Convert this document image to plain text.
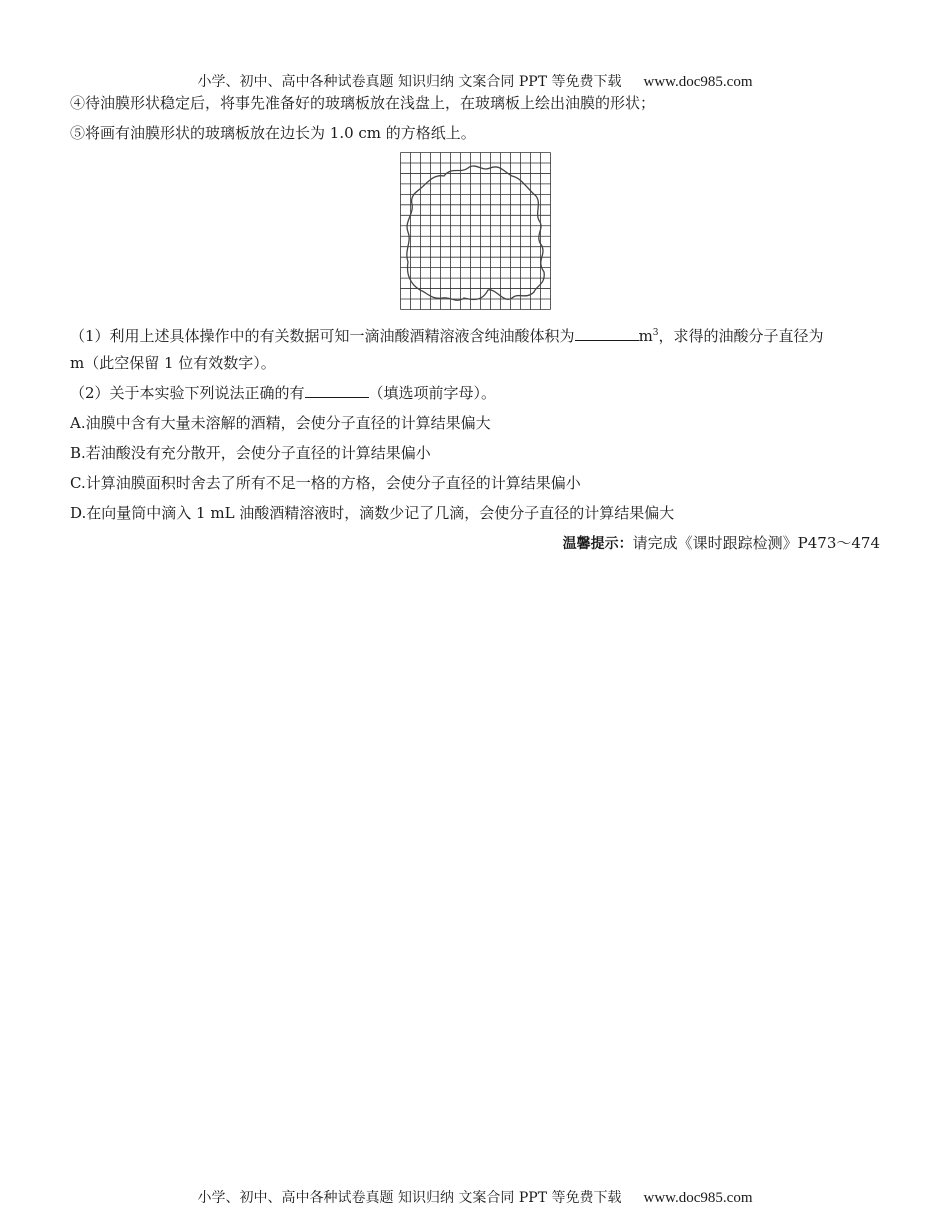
小学、初中、高中各种试卷真题 知识归纳 文案合同 PPT 等免费下载 www.doc985.com
④待油膜形状稳定后，将事先准备好的玻璃板放在浅盘上，在玻璃板上绘出油膜的形状；
⑤将画有油膜形状的玻璃板放在边长为 1.0 cm 的方格纸上。
（1）利用上述具体操作中的有关数据可知一滴油酸酒精溶液含纯油酸体积为	$m^3$，求得的油酸分子直径为
m（此空保留 1 位有效数字）。
（2）关于本实验下列说法正确的有	（填选项前字母）。
A.油膜中含有大量未溶解的酒精，会使分子直径的计算结果偏大
B.若油酸没有充分散开，会使分子直径的计算结果偏小
C.计算油膜面积时舍去了所有不足一格的方格，会使分子直径的计算结果偏小
D.在向量筒中滴入 1 mL 油酸酒精溶液时，滴数少记了几滴，会使分子直径的计算结果偏大
温馨提示：请完成《课时跟踪检测》P473～474
小学、初中、高中各种试卷真题 知识归纳 文案合同 PPT 等免费下载 www.doc985.com
